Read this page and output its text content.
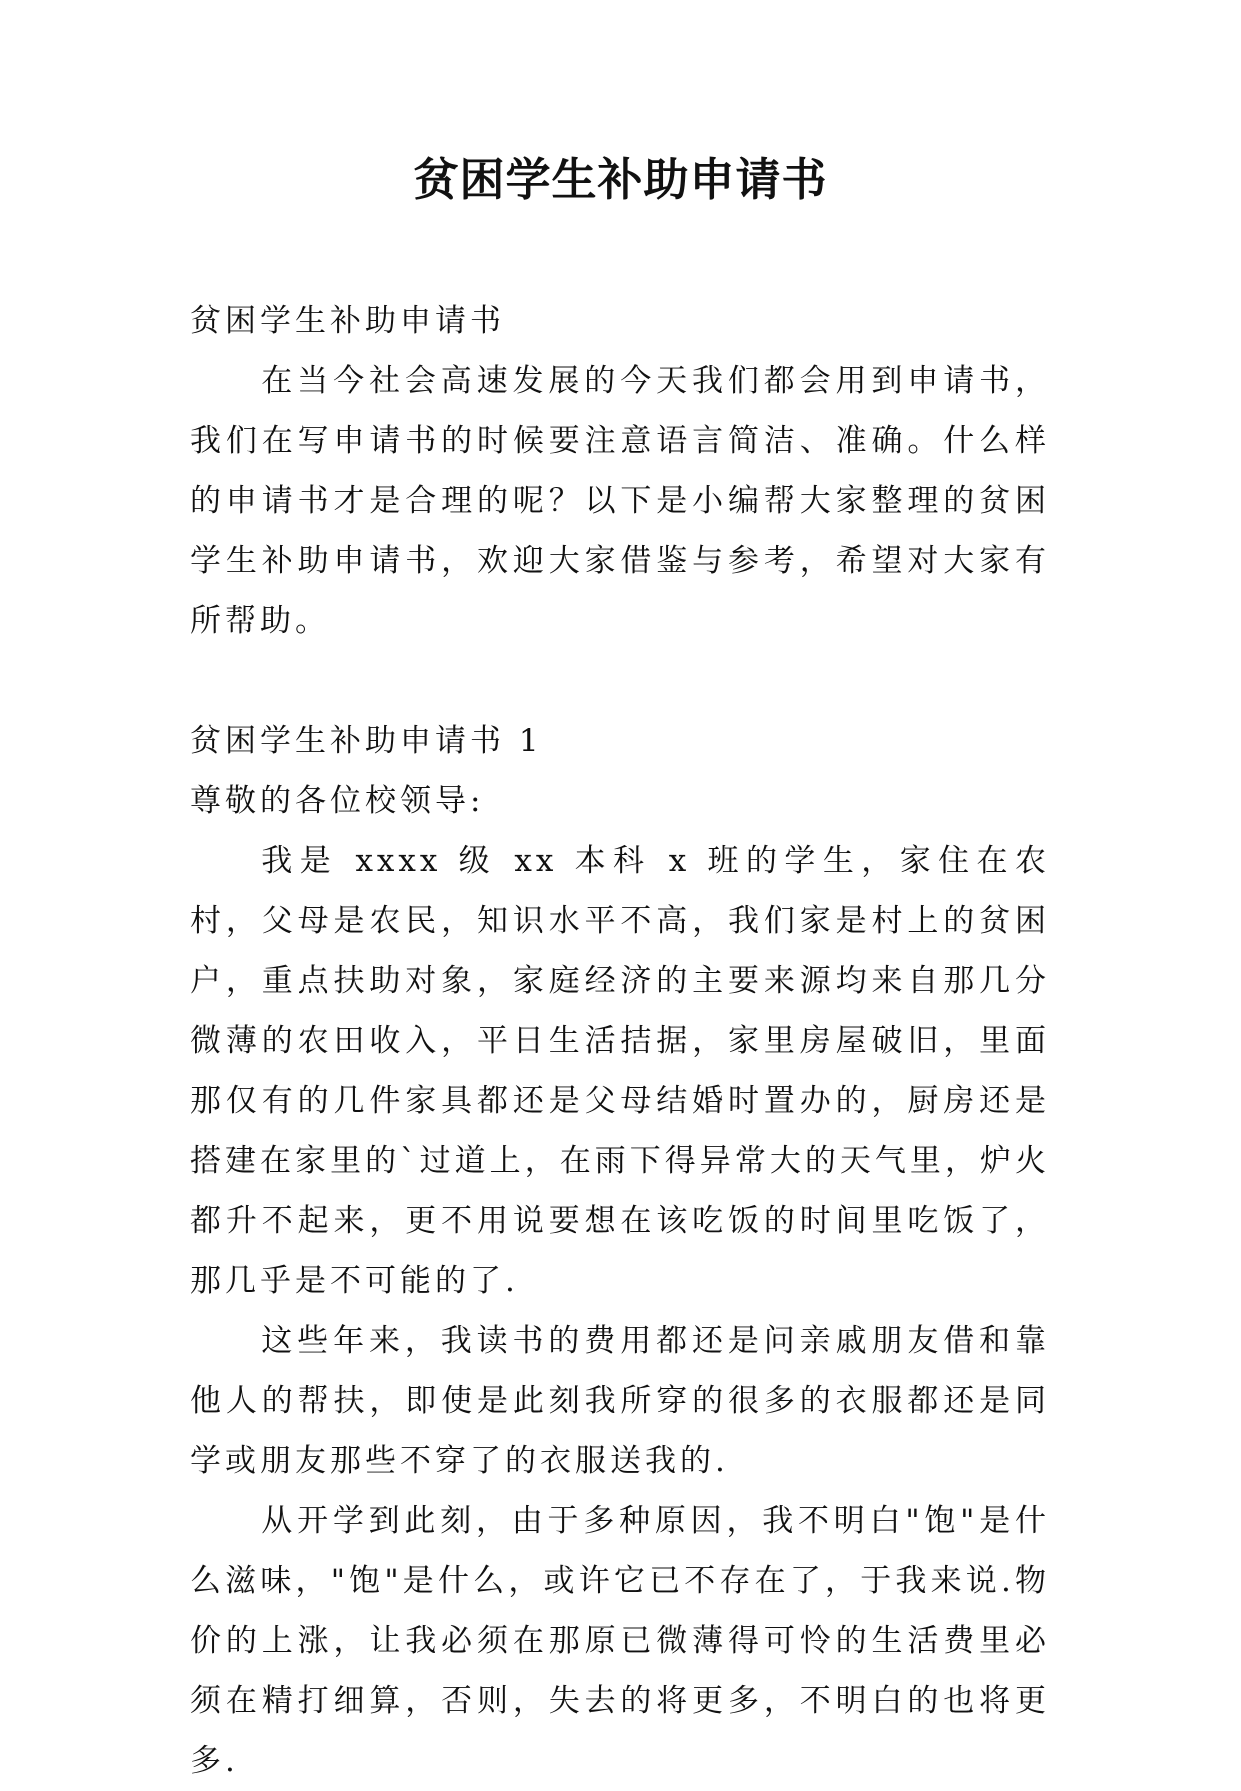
贫困学生补助申请书

贫困学生补助申请书

在当今社会高速发展的今天我们都会用到申请书，我们在写申请书的时候要注意语言简洁、准确。什么样的申请书才是合理的呢？以下是小编帮大家整理的贫困学生补助申请书，欢迎大家借鉴与参考，希望对大家有所帮助。

贫困学生补助申请书 1

尊敬的各位校领导:

我是 xxxx 级 xx 本科 x 班的学生，家住在农村，父母是农民，知识水平不高，我们家是村上的贫困户，重点扶助对象，家庭经济的主要来源均来自那几分微薄的农田收入，平日生活拮据，家里房屋破旧，里面那仅有的几件家具都还是父母结婚时置办的，厨房还是搭建在家里的`过道上，在雨下得异常大的天气里，炉火都升不起来，更不用说要想在该吃饭的时间里吃饭了，那几乎是不可能的了.

这些年来，我读书的费用都还是问亲戚朋友借和靠他人的帮扶，即使是此刻我所穿的很多的衣服都还是同学或朋友那些不穿了的衣服送我的.

从开学到此刻，由于多种原因，我不明白"饱"是什么滋味，"饱"是什么，或许它已不存在了，于我来说.物价的上涨，让我必须在那原已微薄得可怜的生活费里必须在精打细算，否则，失去的将更多，不明白的也将更多.
